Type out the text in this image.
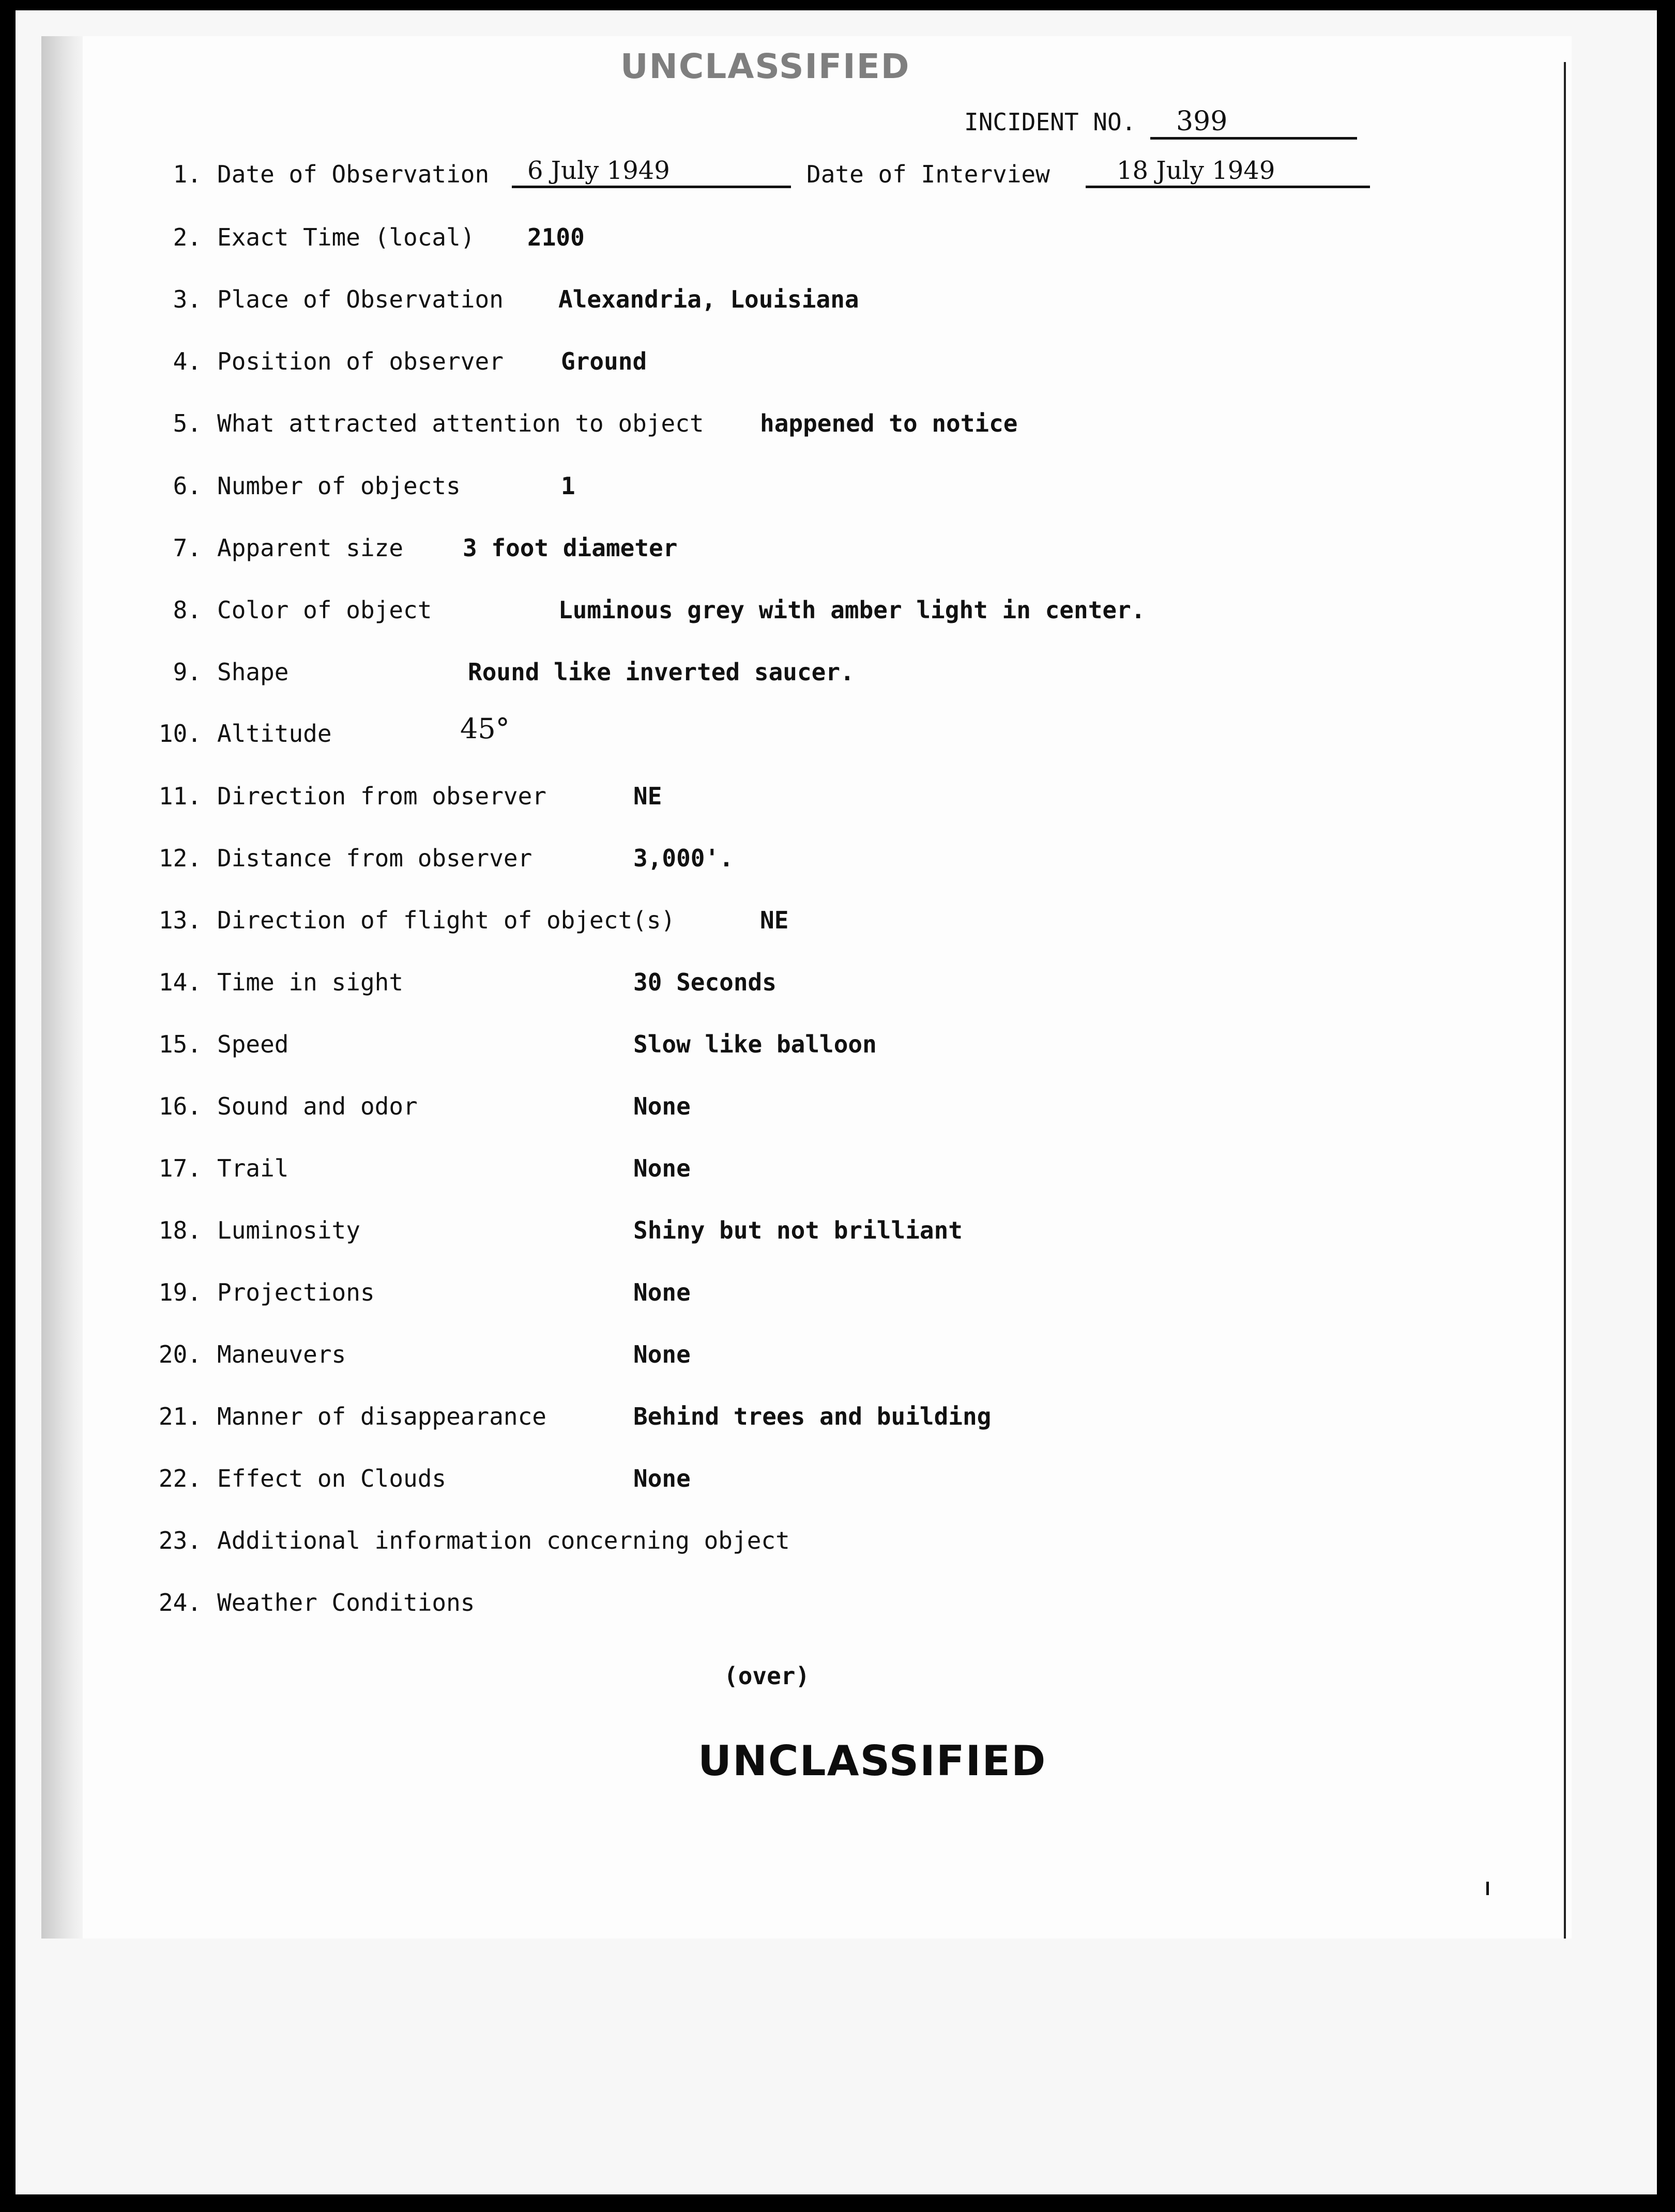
UNCLASSIFIED
INCIDENT NO. 399
1. Date of Observation	6 July 1949	Date of Interview	18 July 1949
2. Exact Time (local) 2100
3. Place of Observation Alexandria, Louisiana
4. Position of observer Ground
5. What attracted attention to object happened to notice
6. Number of objects	1
7. Apparent size 3 foot diameter
8. Color of object	Luminous grey with amber light in center.
9. Shape	Round like inverted saucer.
10. Altitude	45°
11. Direction from observer	NE
12. Distance from observer	3,000'.
13. Direction of flight of object(s)	NE
14. Time in sight	30 Seconds
15. Speed	Slow like balloon
16. Sound and odor	None
17. Trail	None
18. Luminosity	Shiny but not brilliant
19. Projections	None
20. Maneuvers	None
21. Manner of disappearance	Behind trees and building
22. Effect on Clouds	None
23. Additional information concerning object
24. Weather Conditions
(over)
UNCLASSIFIED
